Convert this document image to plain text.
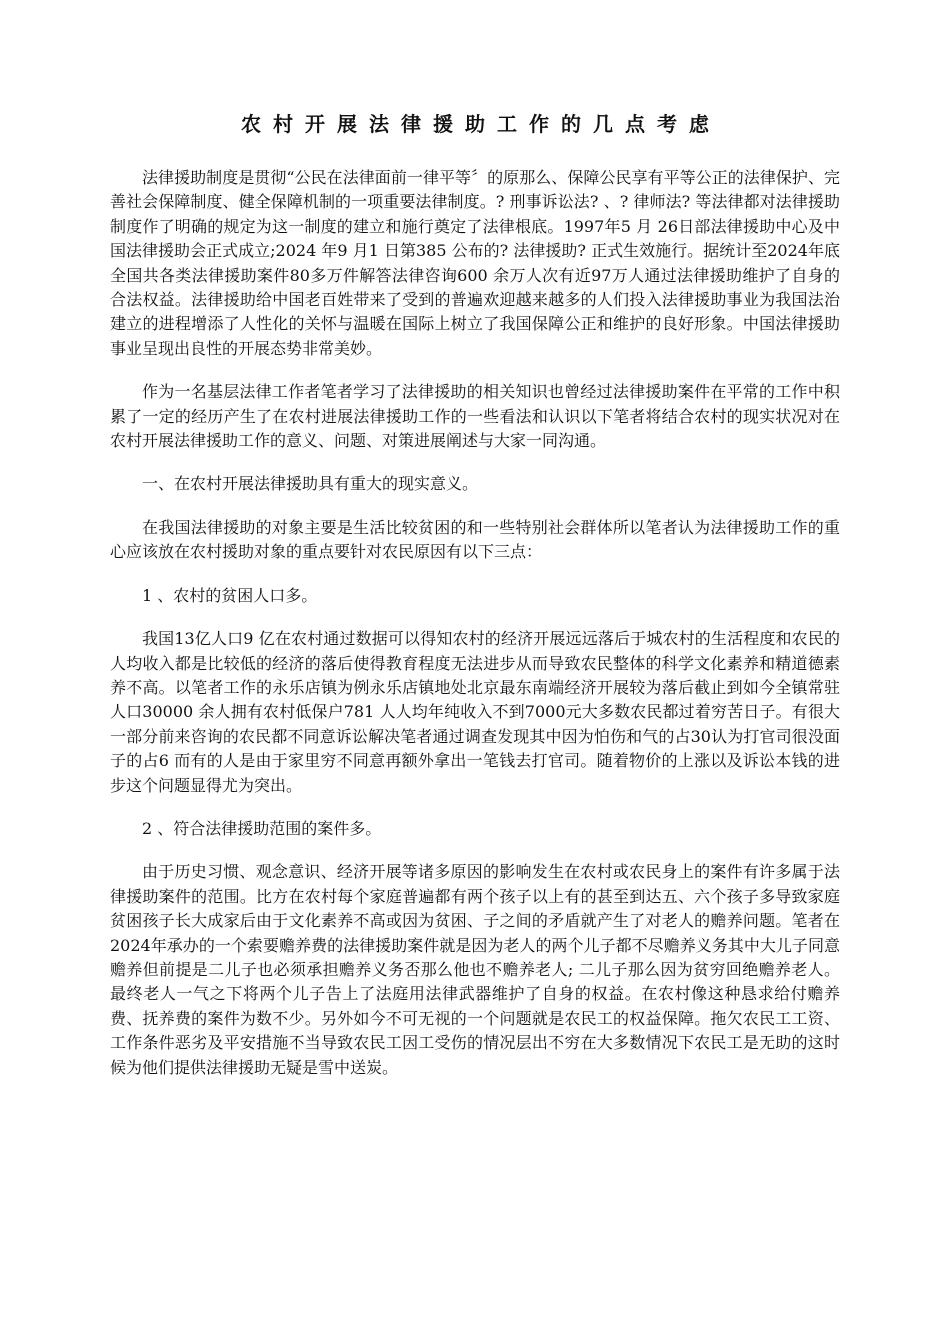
农村开展法律援助工作的几点考虑

法律援助制度是贯彻“公民在法律面前一律平等〞的原那么、保障公民享有平等公正的法律保护、完善社会保障制度、健全保障机制的一项重要法律制度。? 刑事诉讼法? 、? 律师法? 等法律都对法律援助制度作了明确的规定为这一制度的建立和施行奠定了法律根底。1997年5 月 26日部法律援助中心及中国法律援助会正式成立;2024 年9 月1 日第385 公布的? 法律援助? 正式生效施行。据统计至2024年底全国共各类法律援助案件80多万件解答法律咨询600 余万人次有近97万人通过法律援助维护了自身的合法权益。法律援助给中国老百姓带来了受到的普遍欢迎越来越多的人们投入法律援助事业为我国法治建立的进程增添了人性化的关怀与温暖在国际上树立了我国保障公正和维护的良好形象。中国法律援助事业呈现出良性的开展态势非常美妙。

作为一名基层法律工作者笔者学习了法律援助的相关知识也曾经过法律援助案件在平常的工作中积累了一定的经历产生了在农村进展法律援助工作的一些看法和认识以下笔者将结合农村的现实状况对在农村开展法律援助工作的意义、问题、对策进展阐述与大家一同沟通。

一、在农村开展法律援助具有重大的现实意义。

在我国法律援助的对象主要是生活比较贫困的和一些特别社会群体所以笔者认为法律援助工作的重心应该放在农村援助对象的重点要针对农民原因有以下三点：

1 、农村的贫困人口多。

我国13亿人口9 亿在农村通过数据可以得知农村的经济开展远远落后于城农村的生活程度和农民的人均收入都是比较低的经济的落后使得教育程度无法进步从而导致农民整体的科学文化素养和精道德素养不高。以笔者工作的永乐店镇为例永乐店镇地处北京最东南端经济开展较为落后截止到如今全镇常驻人口30000 余人拥有农村低保户781 人人均年纯收入不到7000元大多数农民都过着穷苦日子。有很大一部分前来咨询的农民都不同意诉讼解决笔者通过调查发现其中因为怕伤和气的占30认为打官司很没面子的占6 而有的人是由于家里穷不同意再额外拿出一笔钱去打官司。随着物价的上涨以及诉讼本钱的进步这个问题显得尤为突出。

2 、符合法律援助范围的案件多。

由于历史习惯、观念意识、经济开展等诸多原因的影响发生在农村或农民身上的案件有许多属于法律援助案件的范围。比方在农村每个家庭普遍都有两个孩子以上有的甚至到达五、六个孩子多导致家庭贫困孩子长大成家后由于文化素养不高或因为贫困、子之间的矛盾就产生了对老人的赡养问题。笔者在 2024年承办的一个索要赡养费的法律援助案件就是因为老人的两个儿子都不尽赡养义务其中大儿子同意赡养但前提是二儿子也必须承担赡养义务否那么他也不赡养老人; 二儿子那么因为贫穷回绝赡养老人。最终老人一气之下将两个儿子告上了法庭用法律武器维护了自身的权益。在农村像这种恳求给付赡养费、抚养费的案件为数不少。另外如今不可无视的一个问题就是农民工的权益保障。拖欠农民工工资、工作条件恶劣及平安措施不当导致农民工因工受伤的情况层出不穷在大多数情况下农民工是无助的这时候为他们提供法律援助无疑是雪中送炭。
